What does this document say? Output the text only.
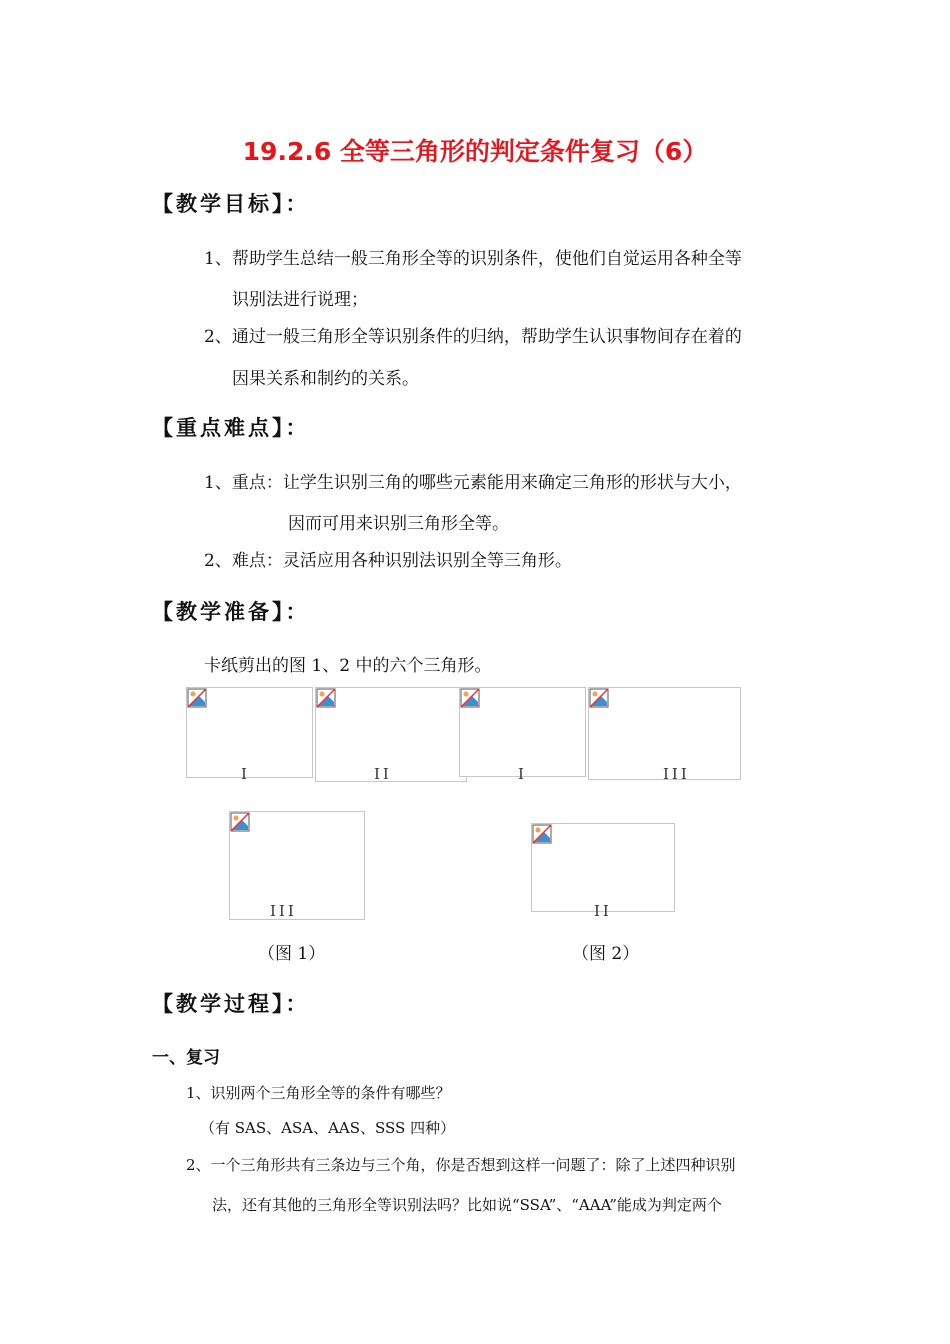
19.2.6 全等三角形的判定条件复习（6）
【教学目标】：
1、帮助学生总结一般三角形全等的识别条件，使他们自觉运用各种全等
识别法进行说理；
2、通过一般三角形全等识别条件的归纳，帮助学生认识事物间存在着的
因果关系和制约的关系。
【重点难点】：
1、重点：让学生识别三角的哪些元素能用来确定三角形的形状与大小，
因而可用来识别三角形全等。
2、难点：灵活应用各种识别法识别全等三角形。
【教学准备】：
卡纸剪出的图 1、2 中的六个三角形。
I	II	I	III
III	II
（图 1）	（图 2）
【教学过程】：
一、复习
1、识别两个三角形全等的条件有哪些？
（有 SAS、ASA、AAS、SSS 四种）
2、一个三角形共有三条边与三个角，你是否想到这样一问题了：除了上述四种识别
法，还有其他的三角形全等识别法吗？比如说“SSA”、“AAA”能成为判定两个
